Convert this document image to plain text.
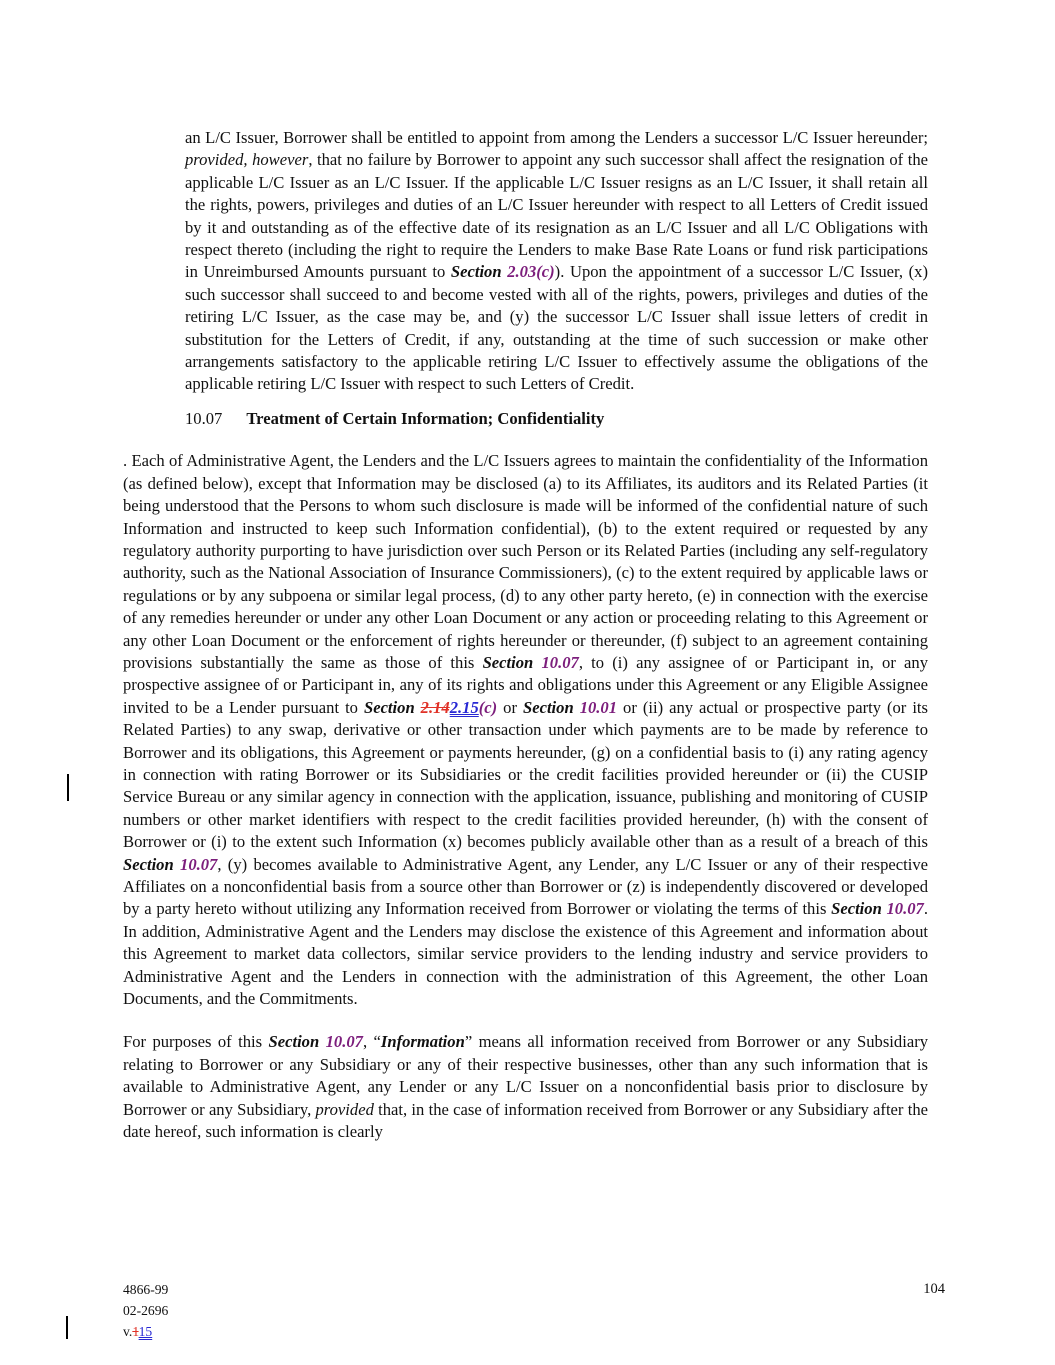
an L/C Issuer, Borrower shall be entitled to appoint from among the Lenders a successor L/C Issuer hereunder; provided, however, that no failure by Borrower to appoint any such successor shall affect the resignation of the applicable L/C Issuer as an L/C Issuer. If the applicable L/C Issuer resigns as an L/C Issuer, it shall retain all the rights, powers, privileges and duties of an L/C Issuer hereunder with respect to all Letters of Credit issued by it and outstanding as of the effective date of its resignation as an L/C Issuer and all L/C Obligations with respect thereto (including the right to require the Lenders to make Base Rate Loans or fund risk participations in Unreimbursed Amounts pursuant to Section 2.03(c)). Upon the appointment of a successor L/C Issuer, (x) such successor shall succeed to and become vested with all of the rights, powers, privileges and duties of the retiring L/C Issuer, as the case may be, and (y) the successor L/C Issuer shall issue letters of credit in substitution for the Letters of Credit, if any, outstanding at the time of such succession or make other arrangements satisfactory to the applicable retiring L/C Issuer to effectively assume the obligations of the applicable retiring L/C Issuer with respect to such Letters of Credit.

10.07 Treatment of Certain Information; Confidentiality

. Each of Administrative Agent, the Lenders and the L/C Issuers agrees to maintain the confidentiality of the Information (as defined below), except that Information may be disclosed (a) to its Affiliates, its auditors and its Related Parties (it being understood that the Persons to whom such disclosure is made will be informed of the confidential nature of such Information and instructed to keep such Information confidential), (b) to the extent required or requested by any regulatory authority purporting to have jurisdiction over such Person or its Related Parties (including any self-regulatory authority, such as the National Association of Insurance Commissioners), (c) to the extent required by applicable laws or regulations or by any subpoena or similar legal process, (d) to any other party hereto, (e) in connection with the exercise of any remedies hereunder or under any other Loan Document or any action or proceeding relating to this Agreement or any other Loan Document or the enforcement of rights hereunder or thereunder, (f) subject to an agreement containing provisions substantially the same as those of this Section 10.07, to (i) any assignee of or Participant in, or any prospective assignee of or Participant in, any of its rights and obligations under this Agreement or any Eligible Assignee invited to be a Lender pursuant to Section 2.142.15(c) or Section 10.01 or (ii) any actual or prospective party (or its Related Parties) to any swap, derivative or other transaction under which payments are to be made by reference to Borrower and its obligations, this Agreement or payments hereunder, (g) on a confidential basis to (i) any rating agency in connection with rating Borrower or its Subsidiaries or the credit facilities provided hereunder or (ii) the CUSIP Service Bureau or any similar agency in connection with the application, issuance, publishing and monitoring of CUSIP numbers or other market identifiers with respect to the credit facilities provided hereunder, (h) with the consent of Borrower or (i) to the extent such Information (x) becomes publicly available other than as a result of a breach of this Section 10.07, (y) becomes available to Administrative Agent, any Lender, any L/C Issuer or any of their respective Affiliates on a nonconfidential basis from a source other than Borrower or (z) is independently discovered or developed by a party hereto without utilizing any Information received from Borrower or violating the terms of this Section 10.07. In addition, Administrative Agent and the Lenders may disclose the existence of this Agreement and information about this Agreement to market data collectors, similar service providers to the lending industry and service providers to Administrative Agent and the Lenders in connection with the administration of this Agreement, the other Loan Documents, and the Commitments.

For purposes of this Section 10.07, “Information” means all information received from Borrower or any Subsidiary relating to Borrower or any Subsidiary or any of their respective businesses, other than any such information that is available to Administrative Agent, any Lender or any L/C Issuer on a nonconfidential basis prior to disclosure by Borrower or any Subsidiary, provided that, in the case of information received from Borrower or any Subsidiary after the date hereof, such information is clearly

4866-99
02-2696
v.115
104
